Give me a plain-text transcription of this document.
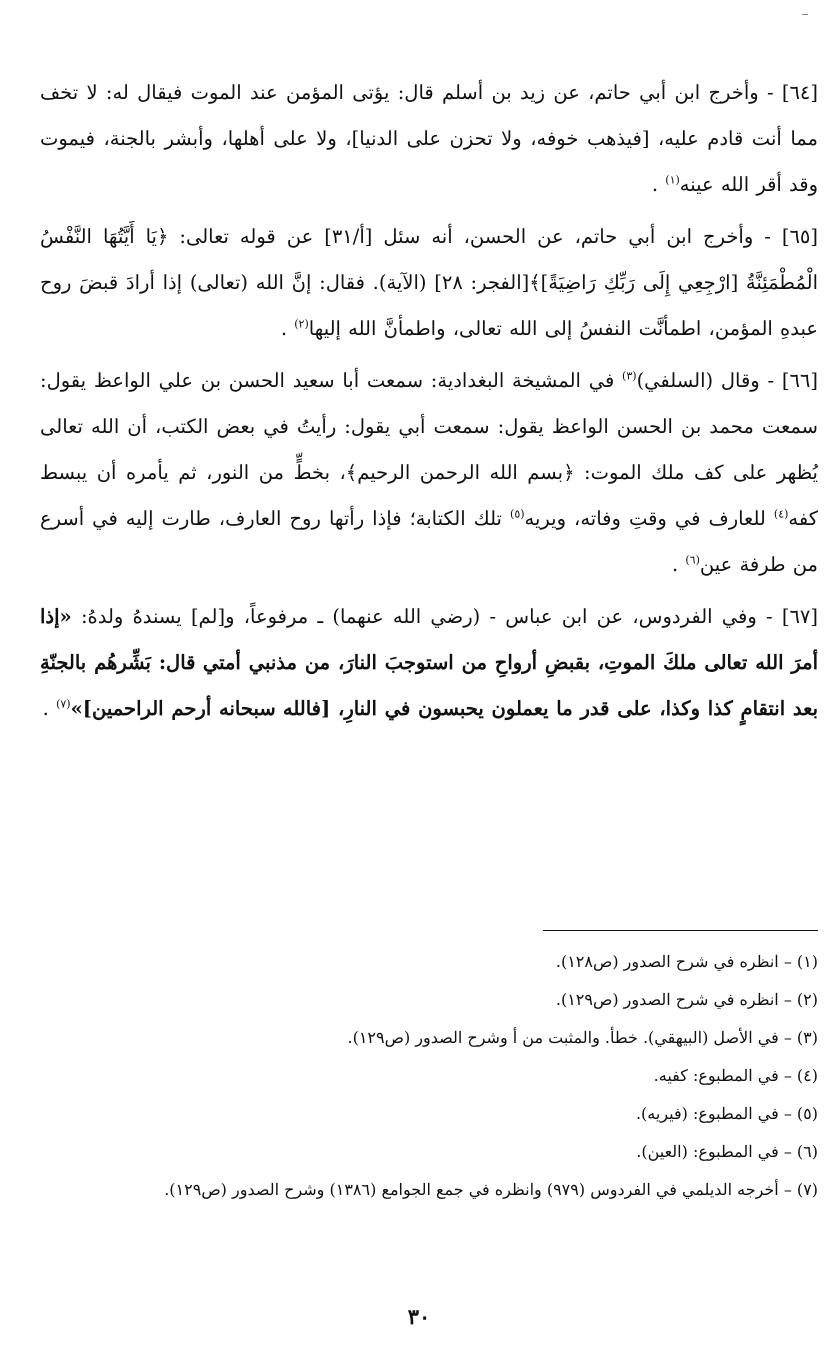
[٦٤] - وأخرج ابن أبي حاتم، عن زيد بن أسلم قال: يؤتى المؤمن عند الموت فيقال له: لا تخف مما أنت قادم عليه، [فيذهب خوفه، ولا تحزن على الدنيا]، ولا على أهلها، وأبشر بالجنة، فيموت وقد أقر الله عينه$^{(١)}$ .

[٦٥] - وأخرج ابن أبي حاتم، عن الحسن، أنه سئل [أ/٣١] عن قوله تعالى: ﴿يَا أَيَّتُهَا النَّفْسُ الْمُطْمَئِنَّةُ [ارْجِعِي إِلَى رَبِّكِ رَاضِيَةً]﴾[الفجر: ٢٨] (الآية). فقال: إنَّ الله (تعالى) إذا أرادَ قبضَ روح عبدهِ المؤمن، اطمأنَّت النفسُ إلى الله تعالى، واطمأنَّ الله إليها$^{(٢)}$ .

[٦٦] - وقال (السلفي)$^{(٣)}$ في المشيخة البغدادية: سمعت أبا سعيد الحسن بن علي الواعظ يقول: سمعت محمد بن الحسن الواعظ يقول: سمعت أبي يقول: رأيتُ في بعض الكتب، أن الله تعالى يُظهر على كف ملك الموت: ﴿بسم الله الرحمن الرحيم﴾، بخطٍّ من النور، ثم يأمره أن يبسط كفه$^{(٤)}$ للعارف في وقتِ وفاته، ويريه$^{(٥)}$ تلك الكتابة؛ فإذا رأتها روح العارف، طارت إليه في أسرع من طرفة عين$^{(٦)}$ .

[٦٧] - وفي الفردوس، عن ابن عباس - (رضي الله عنهما) ـ مرفوعاً، و[لم] يسندهُ ولدهُ: «إذا أمرَ الله تعالى ملكَ الموتِ، بقبضِ أرواحِ من استوجبَ النارَ، من مذنبي أمتي قال: بَشِّرهُم بالجنّةِ بعد انتقامٍ كذا وكذا، على قدر ما يعملون يحبسون في النارِ، [فالله سبحانه أرحم الراحمين]»$^{(٧)}$ .

(١) – انظره في شرح الصدور (ص١٢٨).

(٢) – انظره في شرح الصدور (ص١٢٩).

(٣) – في الأصل (البيهقي). خطأ. والمثبت من أ وشرح الصدور (ص١٢٩).

(٤) – في المطبوع: كفيه.

(٥) – في المطبوع: (فيريه).

(٦) – في المطبوع: (العين).

(٧) – أخرجه الديلمي في الفردوس (٩٧٩) وانظره في جمع الجوامع (١٣٨٦) وشرح الصدور (ص١٢٩).

٣٠
